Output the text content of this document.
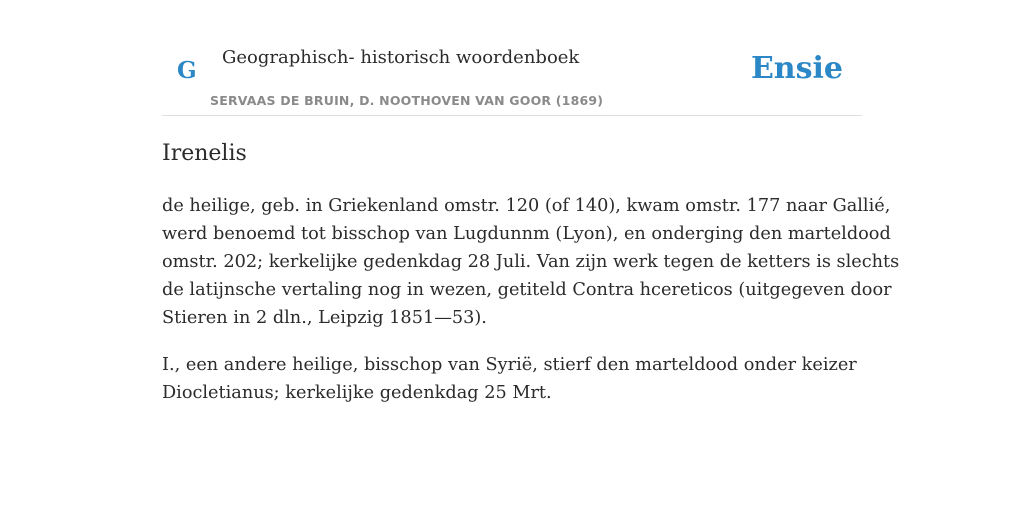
G Geographisch- historisch woordenboek
SERVAAS DE BRUIN, D. NOOTHOVEN VAN GOOR (1869)
Ensie
Irenelis

de heilige, geb. in Griekenland omstr. 120 (of 140), kwam omstr. 177 naar Gallié,
werd benoemd tot bisschop van Lugdunnm (Lyon), en onderging den marteldood
omstr. 202; kerkelijke gedenkdag 28 Juli. Van zijn werk tegen de ketters is slechts
de latijnsche vertaling nog in wezen, getiteld Contra hcereticos (uitgegeven door
Stieren in 2 dln., Leipzig 1851—53).

I., een andere heilige, bisschop van Syrië, stierf den marteldood onder keizer
Diocletianus; kerkelijke gedenkdag 25 Mrt.
